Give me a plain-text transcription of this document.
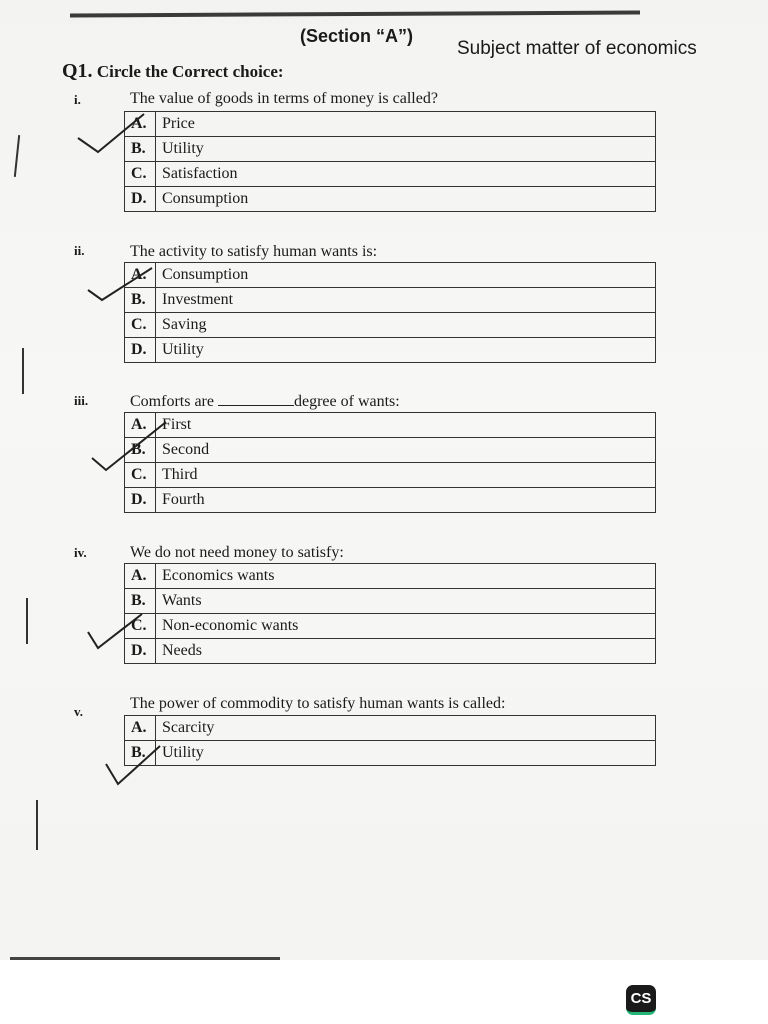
(Section “A”)
Subject matter of economics
Q1. Circle the Correct choice:
i.	The value of goods in terms of money is called?
A.	Price
B.	Utility
C.	Satisfaction
D.	Consumption
ii.	The activity to satisfy human wants is:
A.	Consumption
B.	Investment
C.	Saving
D.	Utility
iii.	Comforts are	degree of wants:
A.	First
B.	Second
C.	Third
D.	Fourth
iv.	We do not need money to satisfy:
A.	Economics wants
B.	Wants
C.	Non-economic wants
D.	Needs
v.	The power of commodity to satisfy human wants is called:
A.	Scarcity
B.	Utility
CS
